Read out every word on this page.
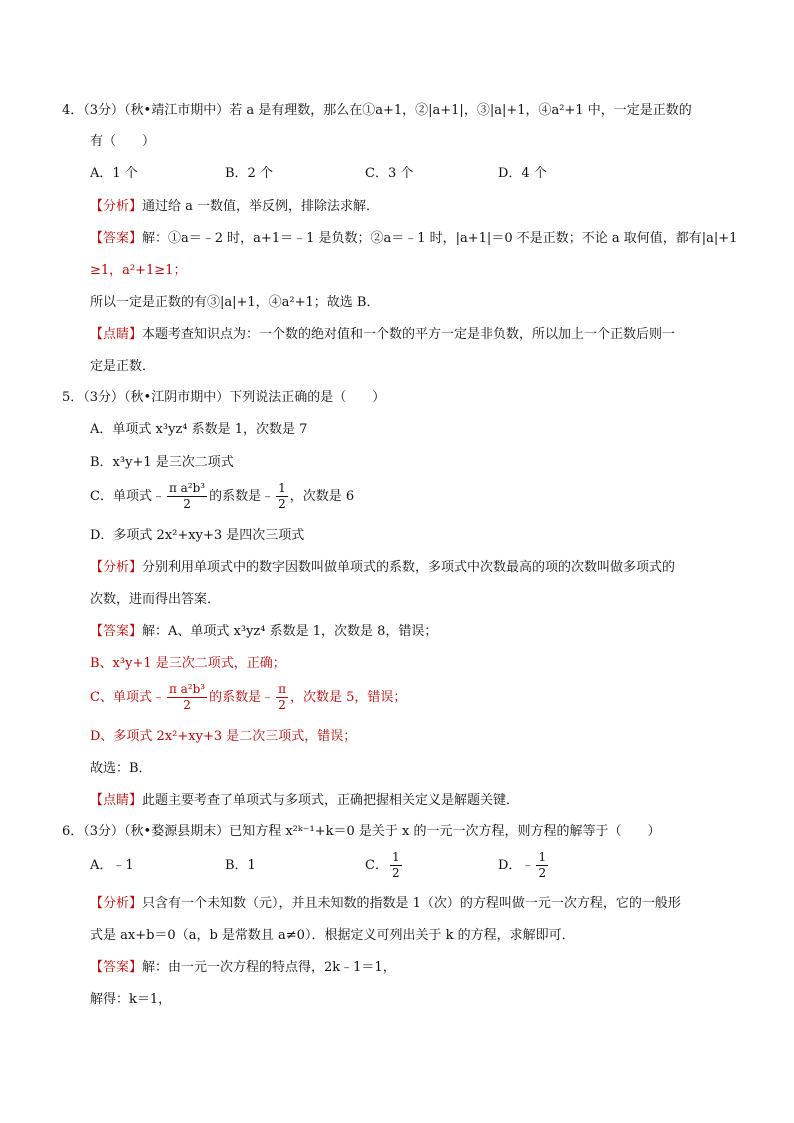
4．（3分）（秋•靖江市期中）若 a 是有理数，那么在①a+1，②|a+1|，③|a|+1，④a²+1 中，一定是正数的
有（　　）
A．1 个	B．2 个	C．3 个	D．4 个
【分析】通过给 a 一数值，举反例，排除法求解．
【答案】解：①a＝﹣2 时，a+1＝﹣1 是负数；②a＝﹣1 时，|a+1|＝0 不是正数；不论 a 取何值，都有|a|+1
≥1，a²+1≥1；
所以一定是正数的有③|a|+1，④a²+1；故选 B．
【点睛】本题考查知识点为：一个数的绝对值和一个数的平方一定是非负数，所以加上一个正数后则一
定是正数．
5．（3分）（秋•江阴市期中）下列说法正确的是（　　）
A．单项式 x³yz⁴ 系数是 1，次数是 7
B．x³y+1 是三次二项式
C．单项式﹣ $\frac{\text{π a²b³}}{2}$ 的系数是﹣ $\frac{1}{2}$ ，次数是 6
D．多项式 2x²+xy+3 是四次三项式
【分析】分别利用单项式中的数字因数叫做单项式的系数，多项式中次数最高的项的次数叫做多项式的
次数，进而得出答案．
【答案】解：A、单项式 x³yz⁴ 系数是 1，次数是 8，错误；
B、x³y+1 是三次二项式，正确；
C、单项式﹣ $\frac{\text{π a²b³}}{2}$ 的系数是﹣ $\frac{\pi}{2}$ ，次数是 5，错误；
D、多项式 2x²+xy+3 是二次三项式，错误；
故选：B．
【点睛】此题主要考查了单项式与多项式，正确把握相关定义是解题关键．
6．（3分）（秋•婺源县期末）已知方程 x²ᵏ⁻¹+k＝0 是关于 x 的一元一次方程，则方程的解等于（　　）
A．﹣1	B．1	C． $\frac{1}{2}$	D．﹣ $\frac{1}{2}$
【分析】只含有一个未知数（元），并且未知数的指数是 1（次）的方程叫做一元一次方程，它的一般形
式是 ax+b＝0（a，b 是常数且 a≠0）．根据定义可列出关于 k 的方程，求解即可．
【答案】解：由一元一次方程的特点得，2k﹣1＝1，
解得：k＝1，
